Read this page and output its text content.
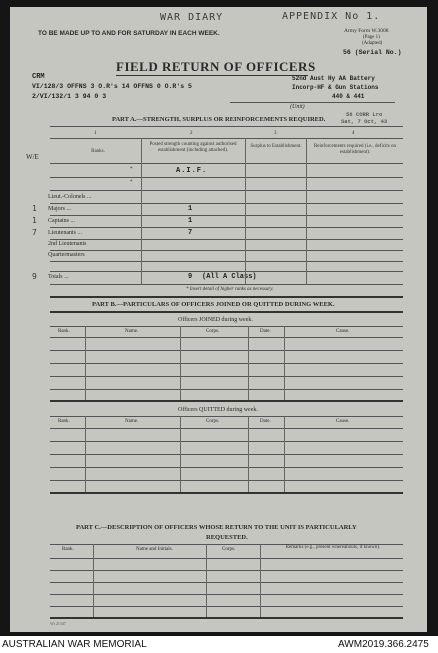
WAR DIARY	APPENDIX No 1.
TO BE MADE UP TO AND FOR SATURDAY IN EACH WEEK.	Army Form W.3008
(Page 1)
(Adapted)
56 (Serial No.)
FIELD RETURN OF OFFICERS
CRM
VI/128/3 OFFNS 3 O.R's 14 OFFNS 0 O.R's 5
2/VI/132/1 3 94 0 3
52nd Aust Hy AA Battery
Incorp-HF & Gun Stations
440 & 441
(Unit)
56 CORR Lro
Sat, 7 Oct, 43
PART A.—STRENGTH, SURPLUS OR REINFORCEMENTS REQUIRED.
1	2	3	4
Ranks.
Posted strength counting against authorised establishment (including attached).
Surplus to Establishment.	Reinforcements required (i.e., deficits on establishment).
W/E
*	A.I.F.
*
Lieut.-Colonels ...
1 Majors ...	1
1 Captains ...	1
7 Lieutenants ...	7
2nd Lieutenants
Quartermasters
9 Totals ...	9 (All A Class)
* Insert detail of higher ranks as necessary.
PART B.—PARTICULARS OF OFFICERS JOINED OR QUITTED DURING WEEK.
Officers JOINED during week.
Rank.	Name.	Corps.	Date.	Cause.
Officers QUITTED during week.
Rank.	Name.	Corps.	Date.	Cause.
PART C.—DESCRIPTION OF OFFICERS WHOSE RETURN TO THE UNIT IS PARTICULARLY
REQUESTED.
Rank.	Name and Initials.	Corps.	Remarks (e.g., present whereabouts, if known).
Wt 21347
AUSTRALIAN WAR MEMORIAL	AWM2019.366.2475
